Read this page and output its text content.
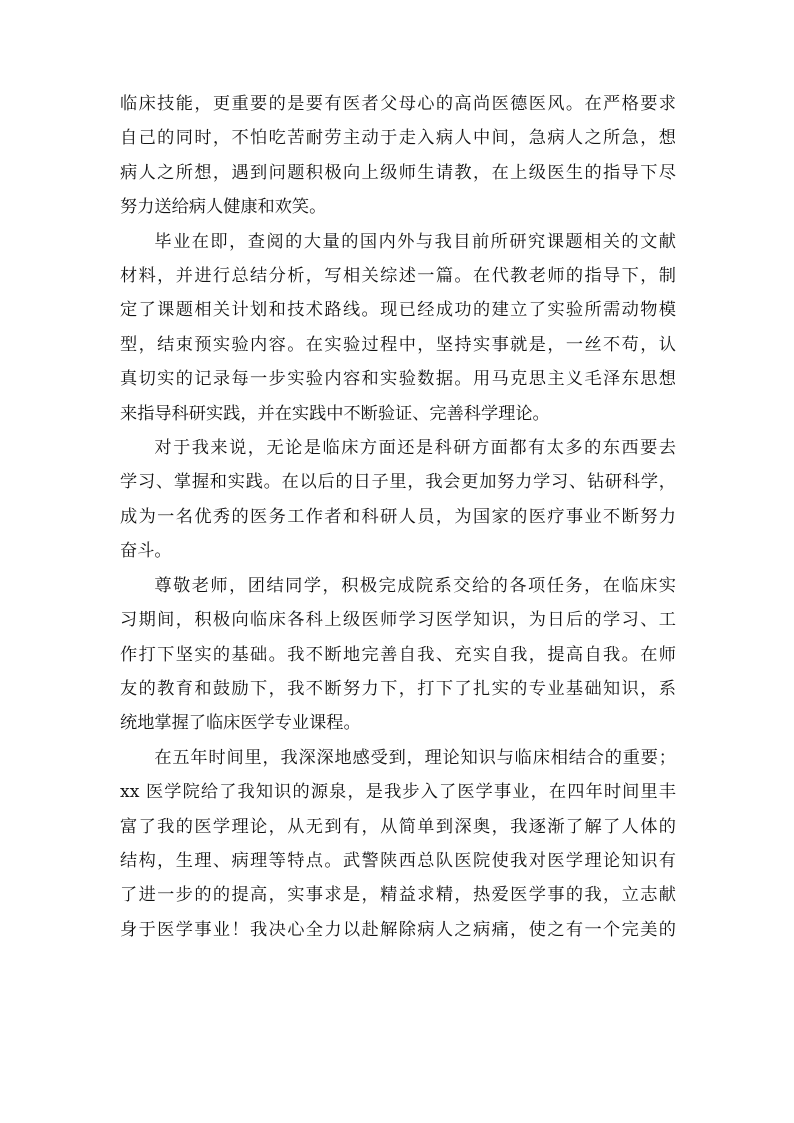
临床技能，更重要的是要有医者父母心的高尚医德医风。在严格要求
自己的同时，不怕吃苦耐劳主动于走入病人中间，急病人之所急，想
病人之所想，遇到问题积极向上级师生请教，在上级医生的指导下尽
努力送给病人健康和欢笑。
毕业在即，查阅的大量的国内外与我目前所研究课题相关的文献
材料，并进行总结分析，写相关综述一篇。在代教老师的指导下，制
定了课题相关计划和技术路线。现已经成功的建立了实验所需动物模
型，结束预实验内容。在实验过程中，坚持实事就是，一丝不苟，认
真切实的记录每一步实验内容和实验数据。用马克思主义毛泽东思想
来指导科研实践，并在实践中不断验证、完善科学理论。
对于我来说，无论是临床方面还是科研方面都有太多的东西要去
学习、掌握和实践。在以后的日子里，我会更加努力学习、钻研科学，
成为一名优秀的医务工作者和科研人员，为国家的医疗事业不断努力
奋斗。
尊敬老师，团结同学，积极完成院系交给的各项任务，在临床实
习期间，积极向临床各科上级医师学习医学知识，为日后的学习、工
作打下坚实的基础。我不断地完善自我、充实自我，提高自我。在师
友的教育和鼓励下，我不断努力下，打下了扎实的专业基础知识，系
统地掌握了临床医学专业课程。
在五年时间里，我深深地感受到，理论知识与临床相结合的重要；
xx 医学院给了我知识的源泉，是我步入了医学事业，在四年时间里丰
富了我的医学理论，从无到有，从简单到深奥，我逐渐了解了人体的
结构，生理、病理等特点。武警陕西总队医院使我对医学理论知识有
了进一步的的提高，实事求是，精益求精，热爱医学事的我，立志献
身于医学事业！我决心全力以赴解除病人之病痛，使之有一个完美的
